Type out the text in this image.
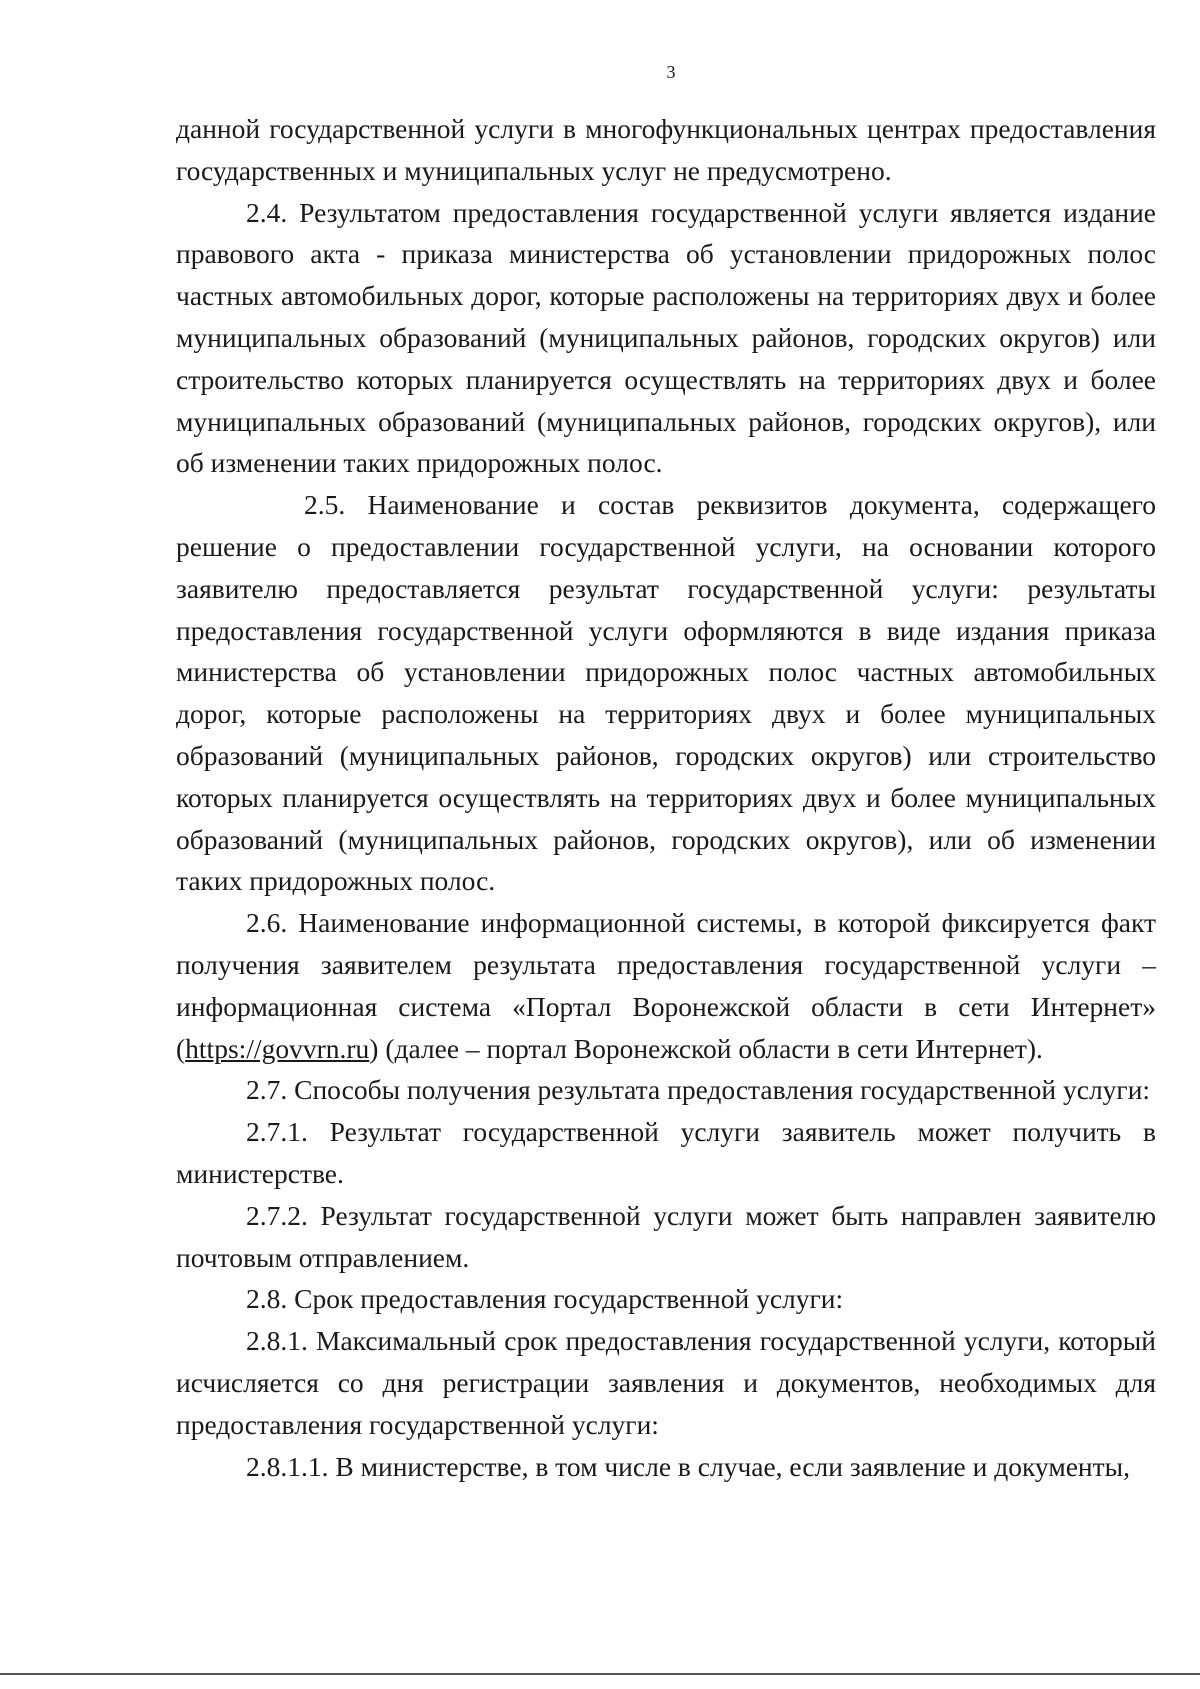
3

данной государственной услуги в многофункциональных центрах предоставления государственных и муниципальных услуг не предусмотрено.

2.4. Результатом предоставления государственной услуги является издание правового акта - приказа министерства об установлении придорожных полос частных автомобильных дорог, которые расположены на территориях двух и более муниципальных образований (муниципальных районов, городских округов) или строительство которых планируется осуществлять на территориях двух и более муниципальных образований (муниципальных районов, городских округов), или об изменении таких придорожных полос.

2.5. Наименование и состав реквизитов документа, содержащего решение о предоставлении государственной услуги, на основании которого заявителю предоставляется результат государственной услуги: результаты предоставления государственной услуги оформляются в виде издания приказа министерства об установлении придорожных полос частных автомобильных дорог, которые расположены на территориях двух и более муниципальных образований (муниципальных районов, городских округов) или строительство которых планируется осуществлять на территориях двух и более муниципальных образований (муниципальных районов, городских округов), или об изменении таких придорожных полос.

2.6. Наименование информационной системы, в которой фиксируется факт получения заявителем результата предоставления государственной услуги – информационная система «Портал Воронежской области в сети Интернет» (https://govvrn.ru) (далее – портал Воронежской области в сети Интернет).

2.7. Способы получения результата предоставления государственной услуги:

2.7.1. Результат государственной услуги заявитель может получить в министерстве.

2.7.2. Результат государственной услуги может быть направлен заявителю почтовым отправлением.

2.8. Срок предоставления государственной услуги:

2.8.1. Максимальный срок предоставления государственной услуги, который исчисляется со дня регистрации заявления и документов, необходимых для предоставления государственной услуги:

2.8.1.1. В министерстве, в том числе в случае, если заявление и документы,
